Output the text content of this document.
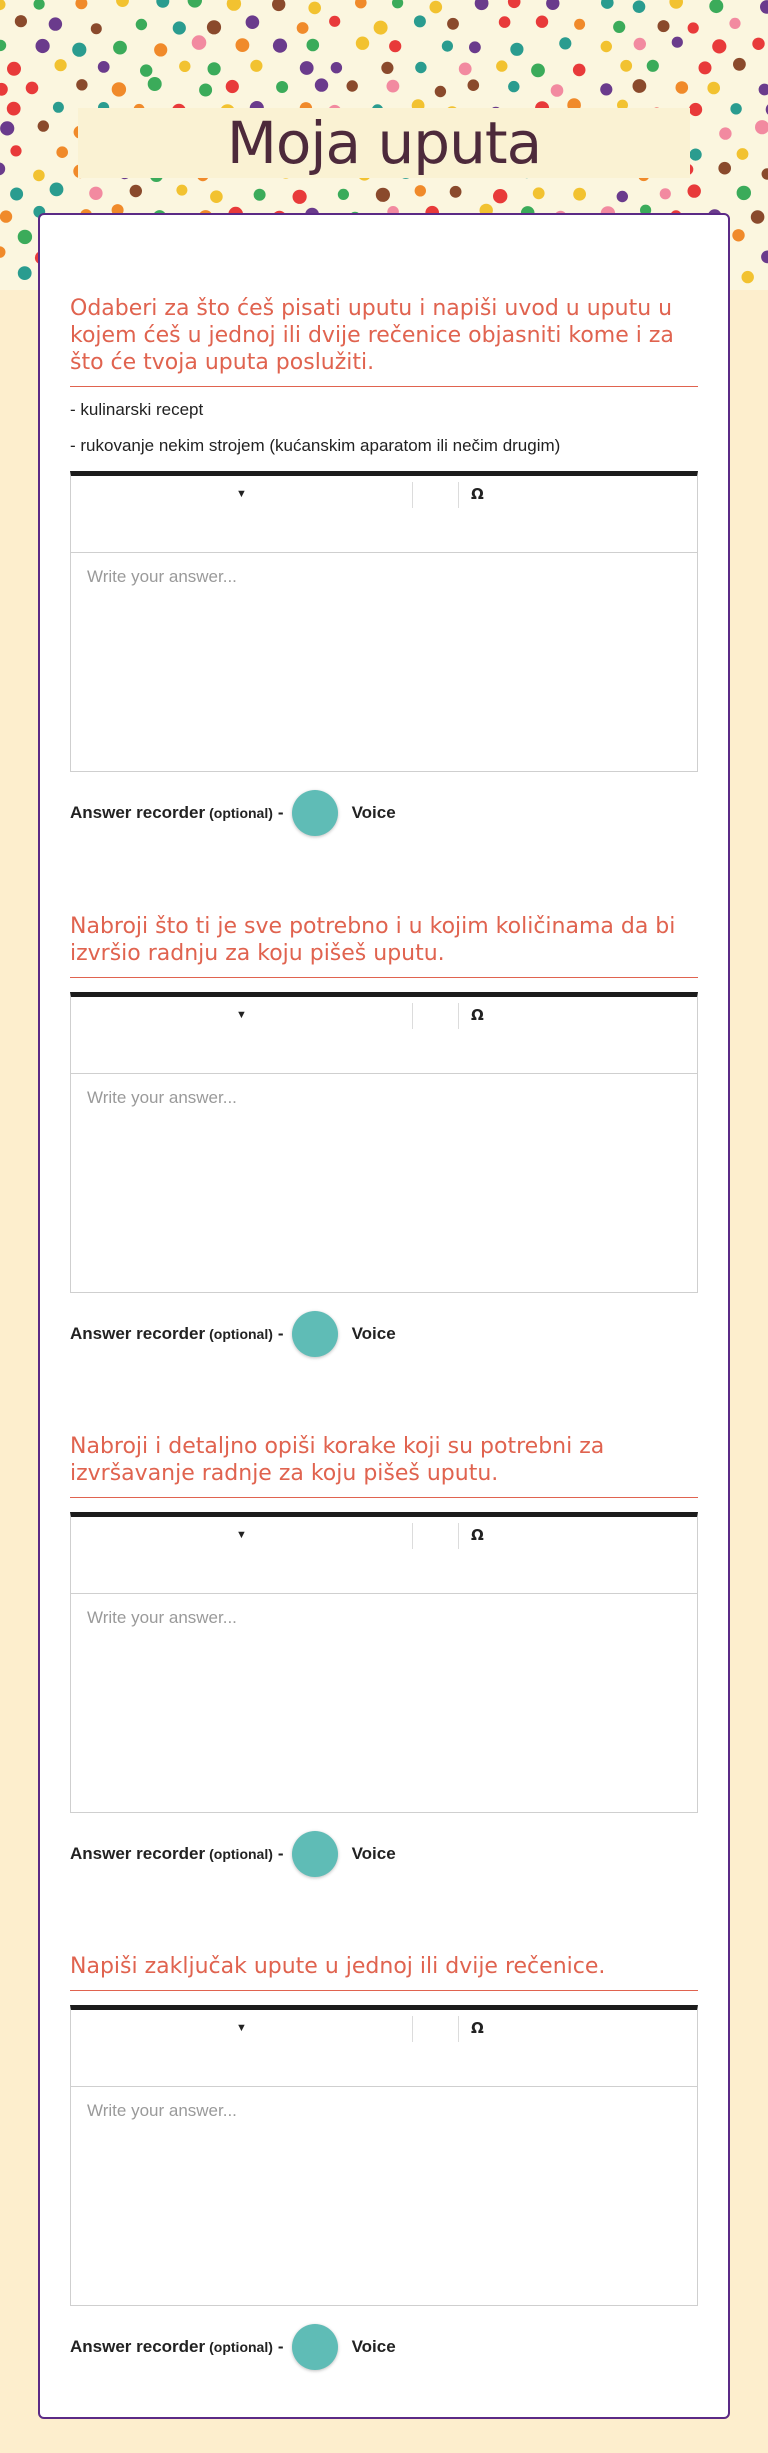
Moja uputa
Odaberi za što ćeš pisati uputu i napiši uvod u uputu u kojem ćeš u jednoj ili dvije rečenice objasniti kome i za što će tvoja uputa poslužiti.
- kulinarski recept
- rukovanje nekim strojem (kućanskim aparatom ili nečim drugim)
▼	Ω
Write your answer...
Answer recorder (optional) -	Voice
Nabroji što ti je sve potrebno i u kojim količinama da bi izvršio radnju za koju pišeš uputu.
▼	Ω
Write your answer...
Answer recorder (optional) -	Voice
Nabroji i detaljno opiši korake koji su potrebni za izvršavanje radnje za koju pišeš uputu.
▼	Ω
Write your answer...
Answer recorder (optional) -	Voice
Napiši zaključak upute u jednoj ili dvije rečenice.
▼	Ω
Write your answer...
Answer recorder (optional) -	Voice
